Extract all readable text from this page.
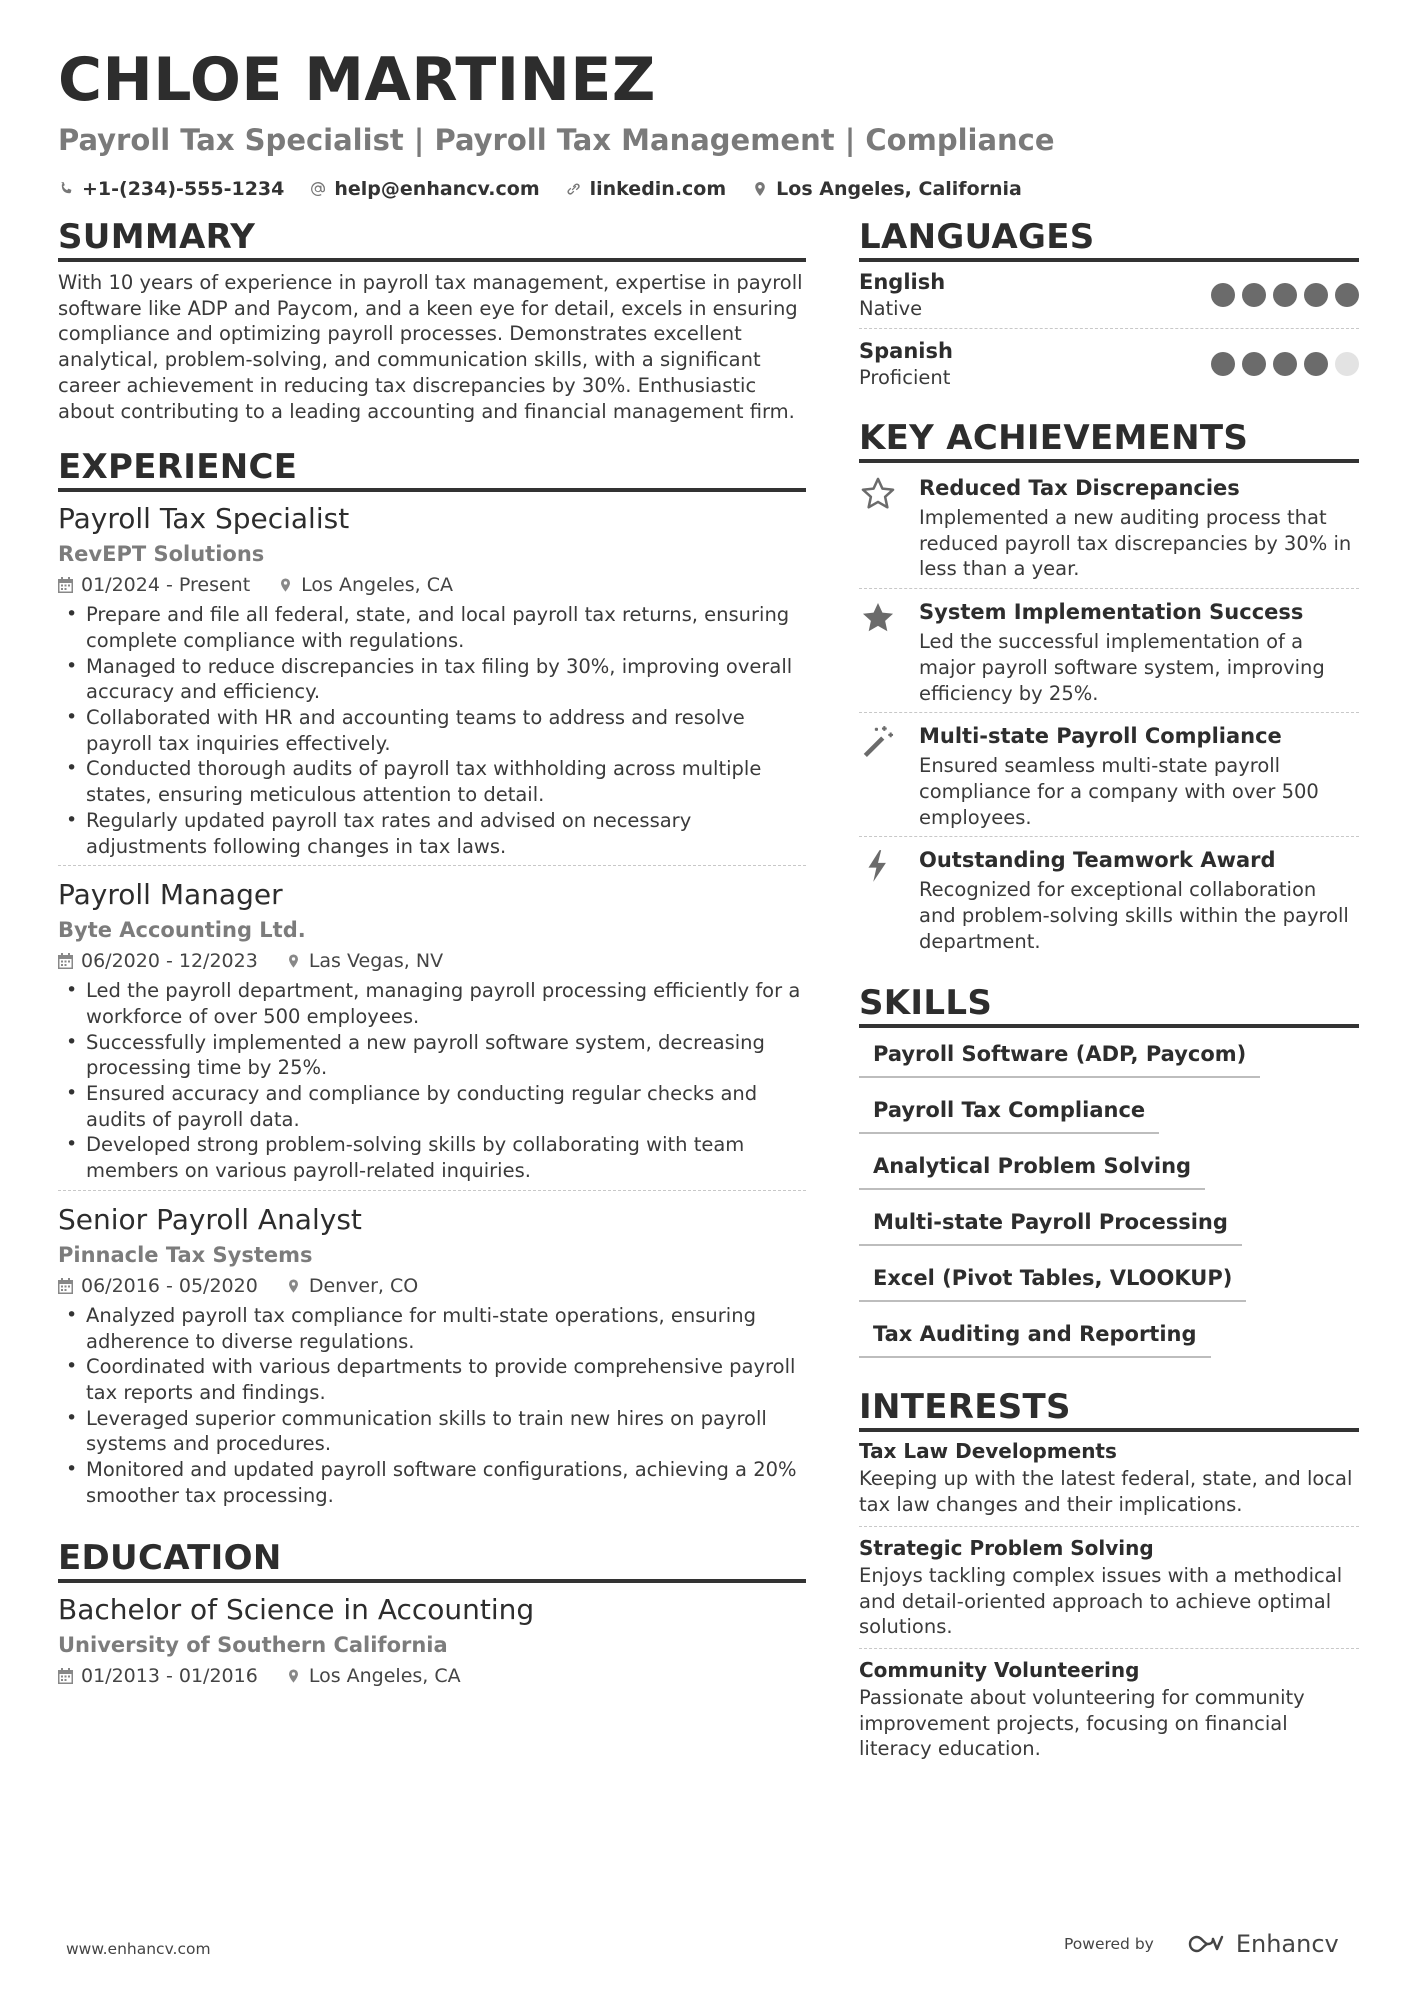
CHLOE MARTINEZ
Payroll Tax Specialist | Payroll Tax Management | Compliance
+1-(234)-555-1234	help@enhancv.com	linkedin.com	Los Angeles, California
SUMMARY
With 10 years of experience in payroll tax management, expertise in payroll software like ADP and Paycom, and a keen eye for detail, excels in ensuring compliance and optimizing payroll processes. Demonstrates excellent analytical, problem-solving, and communication skills, with a significant career achievement in reducing tax discrepancies by 30%. Enthusiastic about contributing to a leading accounting and financial management firm.
EXPERIENCE
Payroll Tax Specialist
RevEPT Solutions
01/2024 - Present	Los Angeles, CA
• Prepare and file all federal, state, and local payroll tax returns, ensuring complete compliance with regulations.
• Managed to reduce discrepancies in tax filing by 30%, improving overall accuracy and efficiency.
• Collaborated with HR and accounting teams to address and resolve payroll tax inquiries effectively.
• Conducted thorough audits of payroll tax withholding across multiple states, ensuring meticulous attention to detail.
• Regularly updated payroll tax rates and advised on necessary adjustments following changes in tax laws.
Payroll Manager
Byte Accounting Ltd.
06/2020 - 12/2023	Las Vegas, NV
• Led the payroll department, managing payroll processing efficiently for a workforce of over 500 employees.
• Successfully implemented a new payroll software system, decreasing processing time by 25%.
• Ensured accuracy and compliance by conducting regular checks and audits of payroll data.
• Developed strong problem-solving skills by collaborating with team members on various payroll-related inquiries.
Senior Payroll Analyst
Pinnacle Tax Systems
06/2016 - 05/2020	Denver, CO
• Analyzed payroll tax compliance for multi-state operations, ensuring adherence to diverse regulations.
• Coordinated with various departments to provide comprehensive payroll tax reports and findings.
• Leveraged superior communication skills to train new hires on payroll systems and procedures.
• Monitored and updated payroll software configurations, achieving a 20% smoother tax processing.
EDUCATION
Bachelor of Science in Accounting
University of Southern California
01/2013 - 01/2016	Los Angeles, CA
LANGUAGES
English
Native
Spanish
Proficient
KEY ACHIEVEMENTS
Reduced Tax Discrepancies
Implemented a new auditing process that reduced payroll tax discrepancies by 30% in less than a year.
System Implementation Success
Led the successful implementation of a major payroll software system, improving efficiency by 25%.
Multi-state Payroll Compliance
Ensured seamless multi-state payroll compliance for a company with over 500 employees.
Outstanding Teamwork Award
Recognized for exceptional collaboration and problem-solving skills within the payroll department.
SKILLS
Payroll Software (ADP, Paycom)
Payroll Tax Compliance
Analytical Problem Solving
Multi-state Payroll Processing
Excel (Pivot Tables, VLOOKUP)
Tax Auditing and Reporting
INTERESTS
Tax Law Developments
Keeping up with the latest federal, state, and local tax law changes and their implications.
Strategic Problem Solving
Enjoys tackling complex issues with a methodical and detail-oriented approach to achieve optimal solutions.
Community Volunteering
Passionate about volunteering for community improvement projects, focusing on financial literacy education.
www.enhancv.com	Powered by	Enhancv
